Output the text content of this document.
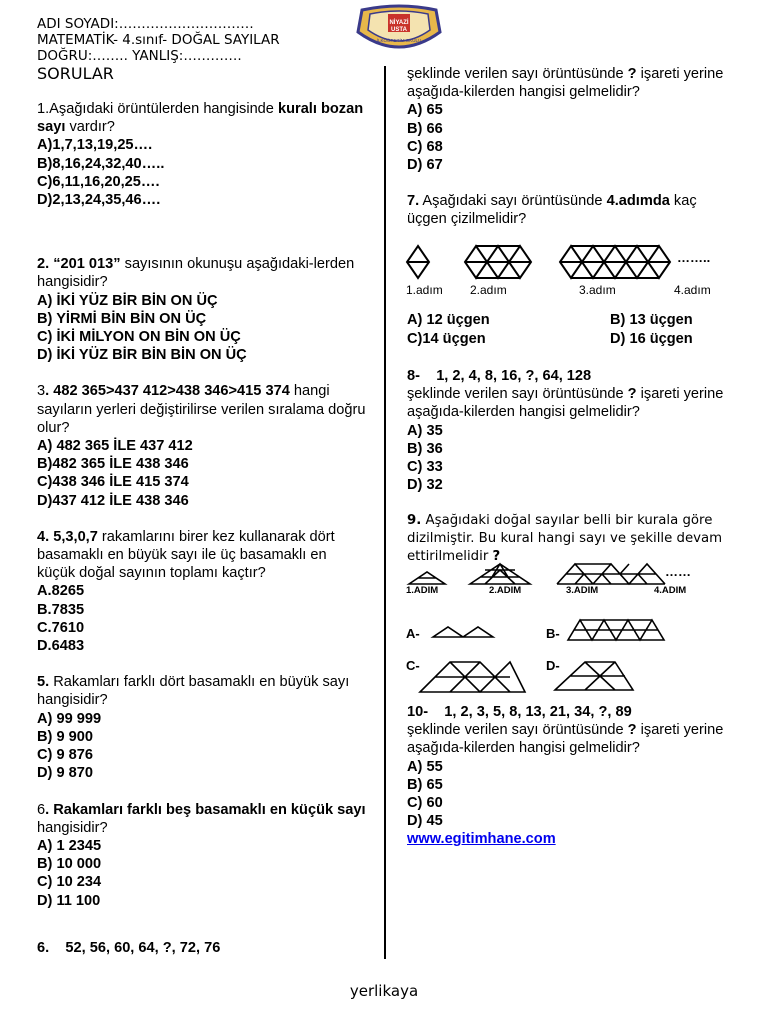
ADI SOYADI:…………………………
MATEMATİK- 4.sınıf- DOĞAL SAYILAR
DOĞRU:…….. YANLIŞ:………….
SORULAR
NİYAZİ
USTA
İLKÖĞRETİM OKULU

1.Aşağıdaki örüntülerden hangisinde kuralı bozan sayı vardır?

A)1,7,13,19,25….

B)8,16,24,32,40…..

C)6,11,16,20,25….

D)2,13,24,35,46….

2. “201 013” sayısının okunuşu aşağıdaki-lerden hangisidir?

A) İKİ YÜZ BİR BİN ON ÜÇ

B) YİRMİ BİN BİN ON ÜÇ

C) İKİ MİLYON ON BİN ON ÜÇ

D) İKİ YÜZ BİR BİN BİN ON ÜÇ

3. 482 365>437 412>438 346>415 374 hangi sayıların yerleri değiştirilirse verilen sıralama doğru olur?

A) 482 365 İLE 437 412

B)482 365 İLE 438 346

C)438 346 İLE 415 374

D)437 412 İLE 438 346

4. 5,3,0,7 rakamlarını birer kez kullanarak dört basamaklı en büyük sayı ile üç basamaklı en küçük doğal sayının toplamı kaçtır?

A.8265

B.7835

C.7610

D.6483

5. Rakamları farklı dört basamaklı en büyük sayı hangisidir?

A) 99 999

B) 9 900

C) 9 876

D) 9 870

6. Rakamları farklı beş basamaklı en küçük sayı hangisidir?

A) 1 2345

B) 10 000

C) 10 234

D) 11 100

6.    52, 56, 60, 64, ?, 72, 76

şeklinde verilen sayı örüntüsünde ? işareti yerine aşağıda-kilerden hangisi gelmelidir?

A) 65

B) 66

C) 68

D) 67

7. Aşağıdaki sayı örüntüsünde 4.adımda kaç üçgen çizilmelidir?

……..
1.adım 2.adım	3.adım	4.adım
A) 12 üçgen	B) 13 üçgen
C)14 üçgen	D) 16 üçgen

8-    1, 2, 4, 8, 16, ?, 64, 128

şeklinde verilen sayı örüntüsünde ? işareti yerine aşağıda-kilerden hangisi gelmelidir?

A) 35

B) 36

C) 33

D) 32

9. Aşağıdaki doğal sayılar belli bir kurala göre dizilmiştir. Bu kural hangi sayı ve şekille devam ettirilmelidir ?
……
1.ADIM	2.ADIM	3.ADIM	4.ADIM
A-	B-
C-	D-

10-    1, 2, 3, 5, 8, 13, 21, 34, ?, 89

şeklinde verilen sayı örüntüsünde ? işareti yerine aşağıda-kilerden hangisi gelmelidir?

A) 55

B) 65

C) 60

D) 45

www.egitimhane.com

yerlikaya
